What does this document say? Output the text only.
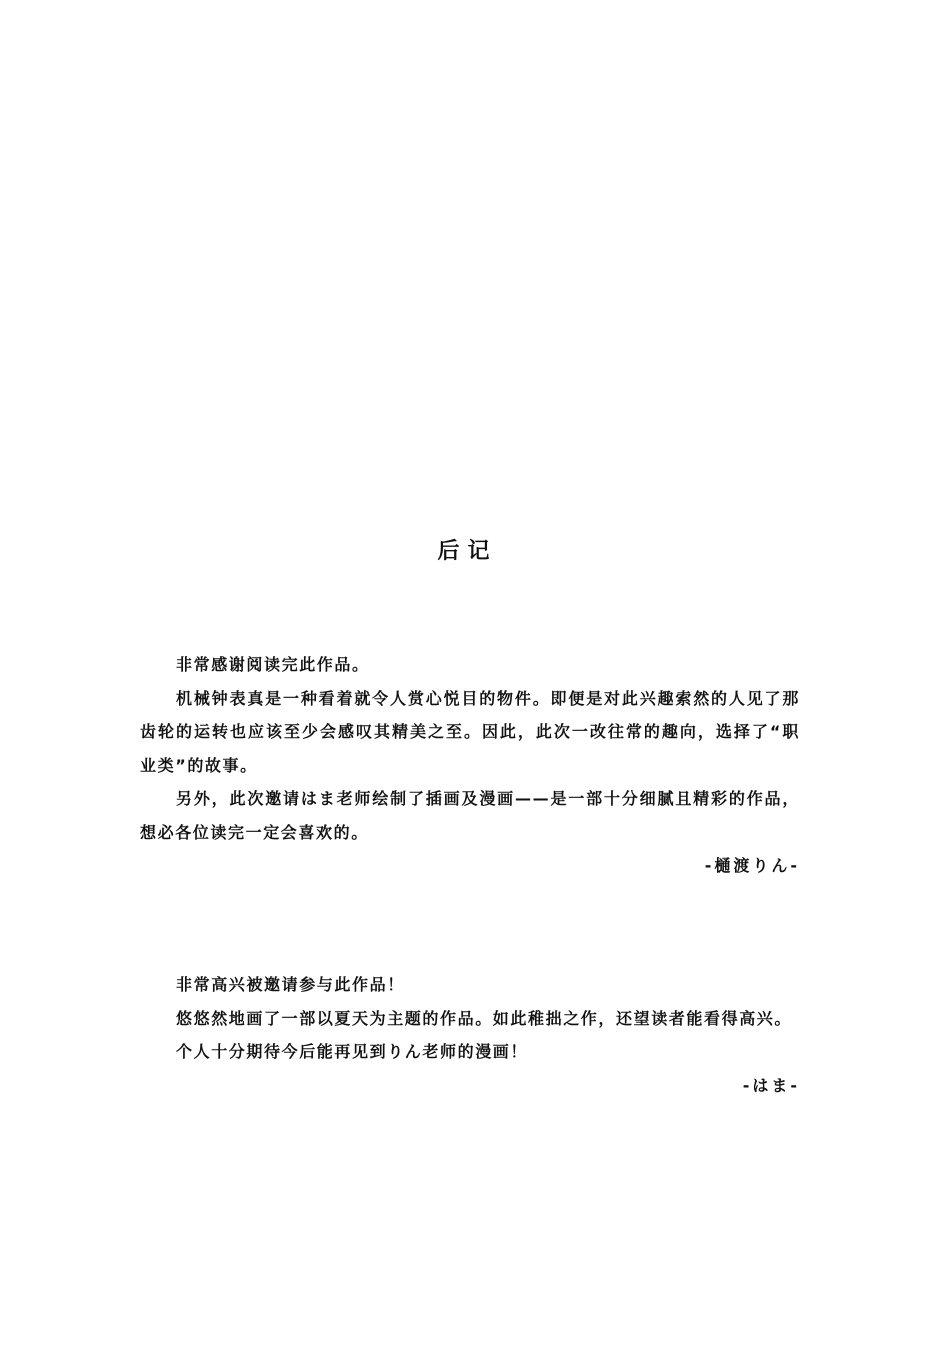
后记

非常感谢阅读完此作品。

机械钟表真是一种看着就令人赏心悦目的物件。即便是对此兴趣索然的人见了那齿轮的运转也应该至少会感叹其精美之至。因此，此次一改往常的趣向，选择了“职业类”的故事。

另外，此次邀请はま老师绘制了插画及漫画——是一部十分细腻且精彩的作品，想必各位读完一定会喜欢的。

-樋渡りん-

非常高兴被邀请参与此作品！

悠悠然地画了一部以夏天为主题的作品。如此稚拙之作，还望读者能看得高兴。

个人十分期待今后能再见到りん老师的漫画！

-はま-
